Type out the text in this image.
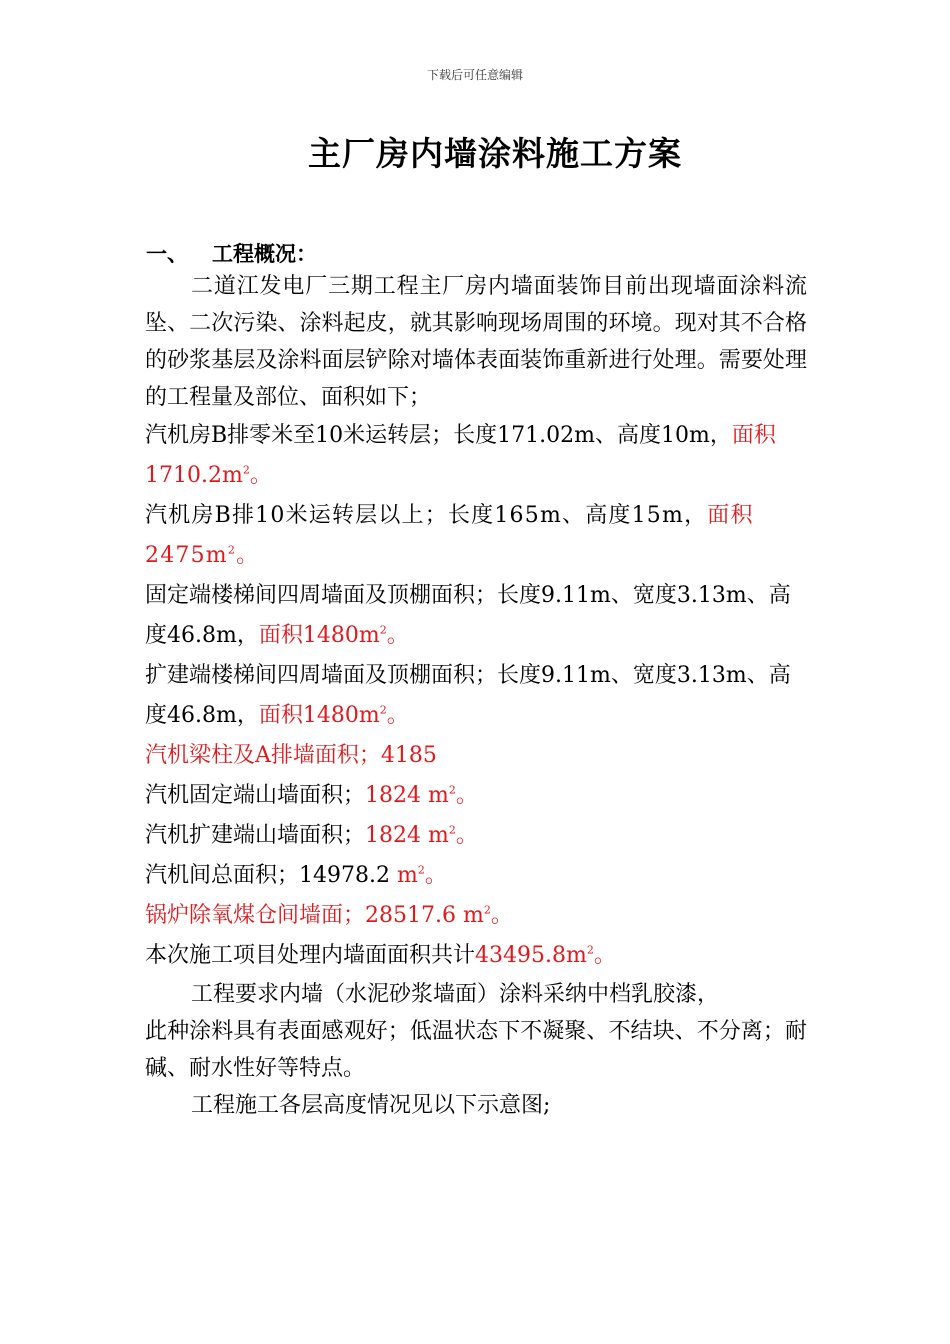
下载后可任意编辑
主厂房内墙涂料施工方案
一、 工程概况：

二道江发电厂三期工程主厂房内墙面装饰目前出现墙面涂料流坠、二次污染、涂料起皮，就其影响现场周围的环境。现对其不合格的砂浆基层及涂料面层铲除对墙体表面装饰重新进行处理。需要处理的工程量及部位、面积如下；

汽机房B排零米至10米运转层；长度171.02m、高度10m，面积$1710.2m^2$。

汽机房B排10米运转层以上；长度165m、高度15m，面积$2475m^2$。

固定端楼梯间四周墙面及顶棚面积；长度9.11m、宽度3.13m、高度46.8m，面积$1480m^2$。

扩建端楼梯间四周墙面及顶棚面积；长度9.11m、宽度3.13m、高度46.8m，面积$1480m^2$。

汽机梁柱及A排墙面积；4185

汽机固定端山墙面积；1824 $m^2$。

汽机扩建端山墙面积；1824 $m^2$。

汽机间总面积；14978.2 $m^2$。

锅炉除氧煤仓间墙面；28517.6 $m^2$。

本次施工项目处理内墙面面积共计$43495.8m^2$。

工程要求内墙（水泥砂浆墙面）涂料采纳中档乳胶漆，

此种涂料具有表面感观好；低温状态下不凝聚、不结块、不分离；耐碱、耐水性好等特点。

工程施工各层高度情况见以下示意图;
